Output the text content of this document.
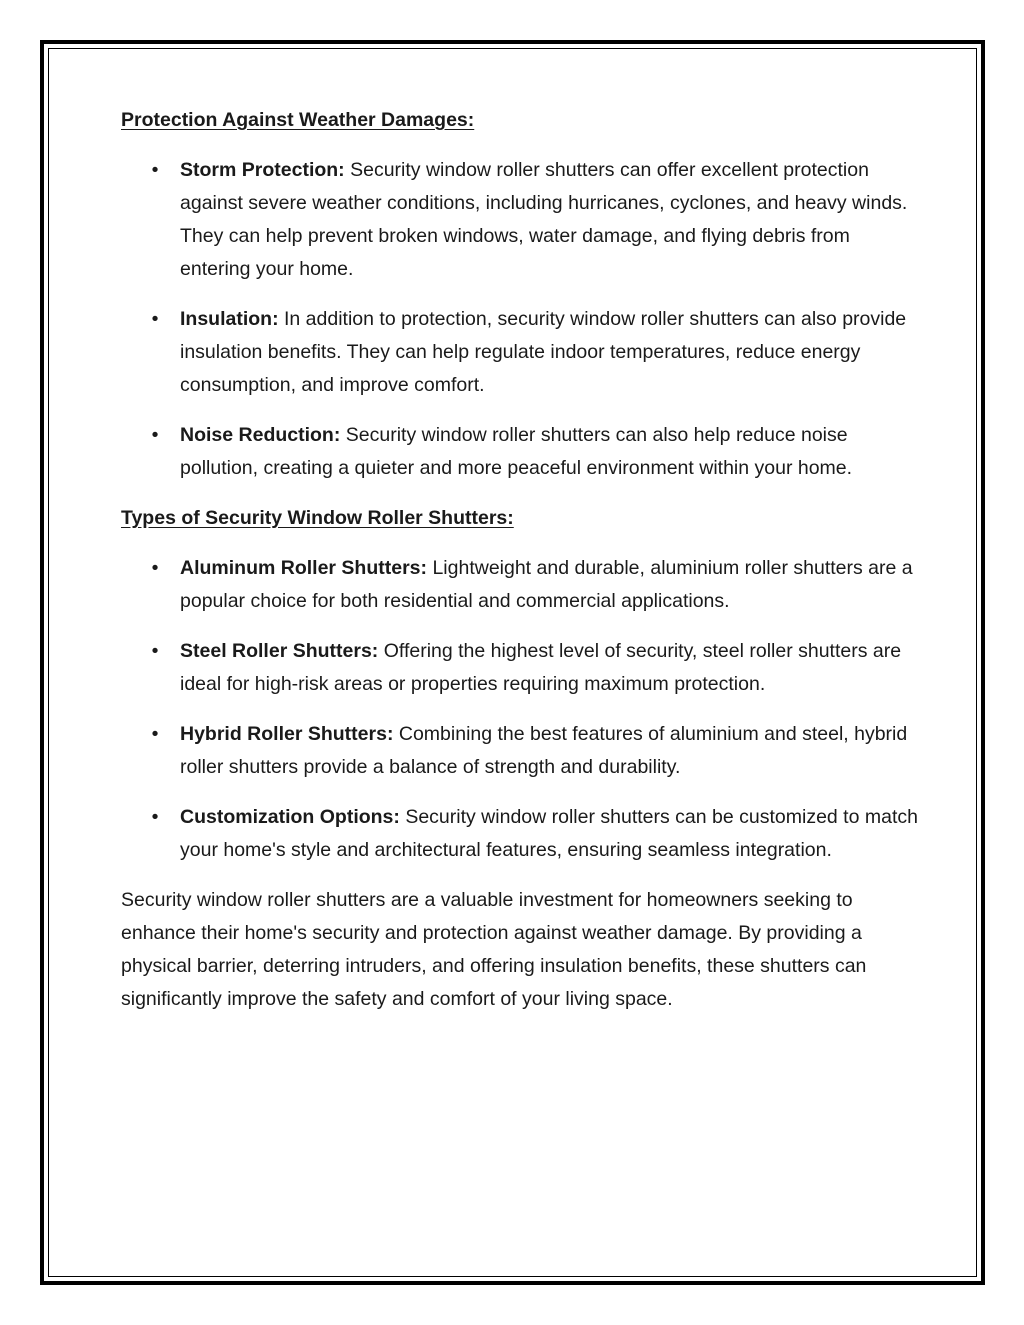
Protection Against Weather Damages:

•
Storm Protection: Security window roller shutters can offer excellent protection against severe weather conditions, including hurricanes, cyclones, and heavy winds. They can help prevent broken windows, water damage, and flying debris from entering your home.
•
Insulation: In addition to protection, security window roller shutters can also provide insulation benefits. They can help regulate indoor temperatures, reduce energy consumption, and improve comfort.
•
Noise Reduction: Security window roller shutters can also help reduce noise pollution, creating a quieter and more peaceful environment within your home.

Types of Security Window Roller Shutters:

•
Aluminum Roller Shutters: Lightweight and durable, aluminium roller shutters are a popular choice for both residential and commercial applications.
•
Steel Roller Shutters: Offering the highest level of security, steel roller shutters are ideal for high-risk areas or properties requiring maximum protection.
•
Hybrid Roller Shutters: Combining the best features of aluminium and steel, hybrid roller shutters provide a balance of strength and durability.
•
Customization Options: Security window roller shutters can be customized to match your home's style and architectural features, ensuring seamless integration.

Security window roller shutters are a valuable investment for homeowners seeking to enhance their home's security and protection against weather damage. By providing a physical barrier, deterring intruders, and offering insulation benefits, these shutters can significantly improve the safety and comfort of your living space.
